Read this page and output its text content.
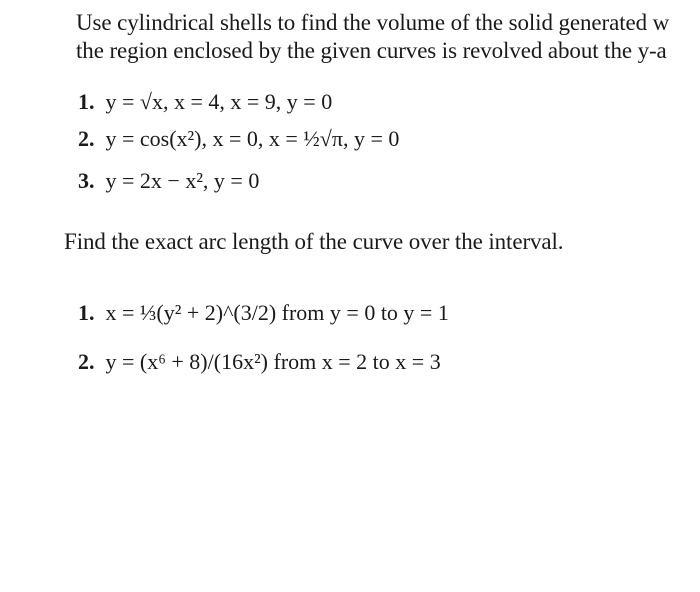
Use cylindrical shells to find the volume of the solid generated w
the region enclosed by the given curves is revolved about the y-a
1. y = √x, x = 4, x = 9, y = 0
2. y = cos(x²), x = 0, x = ½√π, y = 0
3. y = 2x − x², y = 0
Find the exact arc length of the curve over the interval.
1. x = ⅓(y² + 2)^(3/2) from y = 0 to y = 1
2. y = (x⁶ + 8)/(16x²) from x = 2 to x = 3
